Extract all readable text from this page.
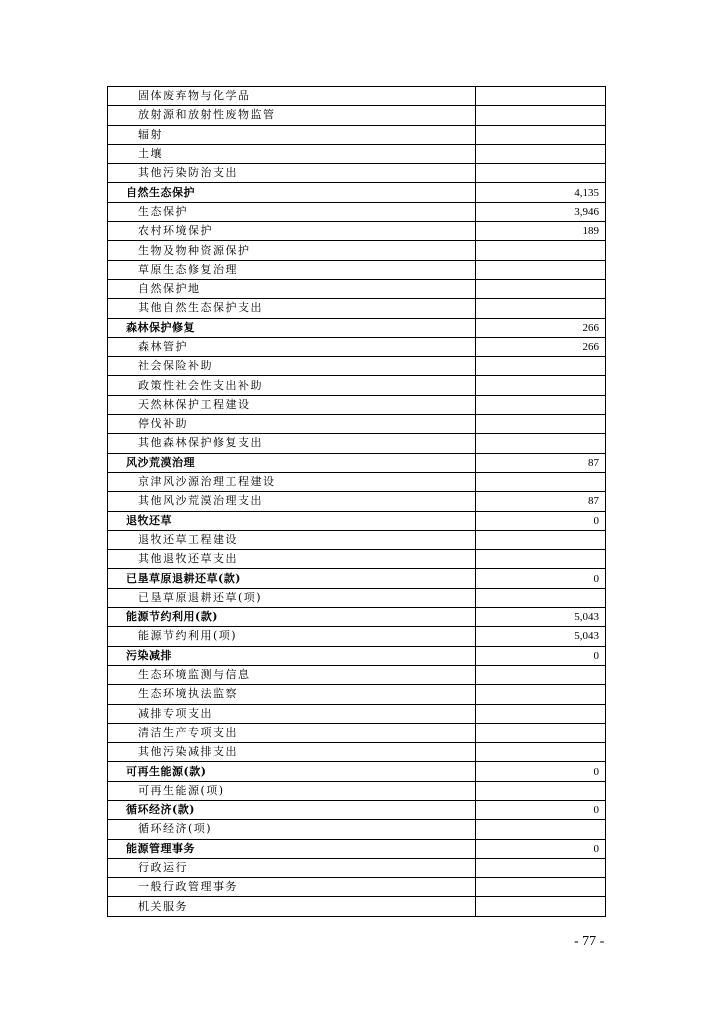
固体废弃物与化学品	
放射源和放射性废物监管	
辐射	
土壤	
其他污染防治支出	
自然生态保护	4,135
生态保护	3,946
农村环境保护	189
生物及物种资源保护	
草原生态修复治理	
自然保护地	
其他自然生态保护支出	
森林保护修复	266
森林管护	266
社会保险补助	
政策性社会性支出补助	
天然林保护工程建设	
停伐补助	
其他森林保护修复支出	
风沙荒漠治理	87
京津风沙源治理工程建设	
其他风沙荒漠治理支出	87
退牧还草	0
退牧还草工程建设	
其他退牧还草支出	
已垦草原退耕还草(款)	0
已垦草原退耕还草(项)	
能源节约利用(款)	5,043
能源节约利用(项)	5,043
污染减排	0
生态环境监测与信息	
生态环境执法监察	
减排专项支出	
清洁生产专项支出	
其他污染减排支出	
可再生能源(款)	0
可再生能源(项)	
循环经济(款)	0
循环经济(项)	
能源管理事务	0
行政运行	
一般行政管理事务	
机关服务	
- 77 -
